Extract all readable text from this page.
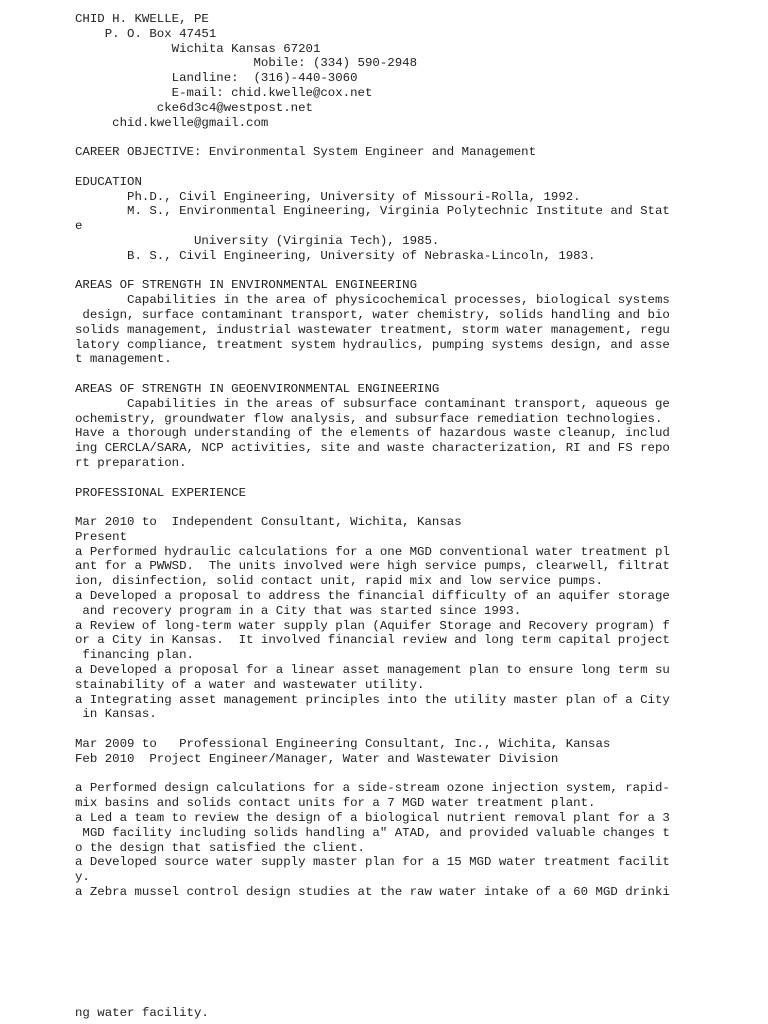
CHID H. KWELLE, PE
P. O. Box 47451
Wichita Kansas 67201
Mobile: (334) 590-2948
Landline:  (316)-440-3060
E-mail: chid.kwelle@cox.net
cke6d3c4@westpost.net
chid.kwelle@gmail.com
CAREER OBJECTIVE: Environmental System Engineer and Management
EDUCATION
Ph.D., Civil Engineering, University of Missouri-Rolla, 1992.
M. S., Environmental Engineering, Virginia Polytechnic Institute and Stat
e
University (Virginia Tech), 1985.
B. S., Civil Engineering, University of Nebraska-Lincoln, 1983.
AREAS OF STRENGTH IN ENVIRONMENTAL ENGINEERING
Capabilities in the area of physicochemical processes, biological systems
design, surface contaminant transport, water chemistry, solids handling and bio
solids management, industrial wastewater treatment, storm water management, regu
latory compliance, treatment system hydraulics, pumping systems design, and asse
t management.
AREAS OF STRENGTH IN GEOENVIRONMENTAL ENGINEERING
Capabilities in the areas of subsurface contaminant transport, aqueous ge
ochemistry, groundwater flow analysis, and subsurface remediation technologies.
Have a thorough understanding of the elements of hazardous waste cleanup, includ
ing CERCLA/SARA, NCP activities, site and waste characterization, RI and FS repo
rt preparation.
PROFESSIONAL EXPERIENCE
Mar 2010 to  Independent Consultant, Wichita, Kansas
Present
a Performed hydraulic calculations for a one MGD conventional water treatment pl
ant for a PWWSD.  The units involved were high service pumps, clearwell, filtrat
ion, disinfection, solid contact unit, rapid mix and low service pumps.
a Developed a proposal to address the financial difficulty of an aquifer storage
and recovery program in a City that was started since 1993.
a Review of long-term water supply plan (Aquifer Storage and Recovery program) f
or a City in Kansas.  It involved financial review and long term capital project
financing plan.
a Developed a proposal for a linear asset management plan to ensure long term su
stainability of a water and wastewater utility.
a Integrating asset management principles into the utility master plan of a City
in Kansas.
Mar 2009 to   Professional Engineering Consultant, Inc., Wichita, Kansas
Feb 2010  Project Engineer/Manager, Water and Wastewater Division
a Performed design calculations for a side-stream ozone injection system, rapid-
mix basins and solids contact units for a 7 MGD water treatment plant.
a Led a team to review the design of a biological nutrient removal plant for a 3
MGD facility including solids handling a" ATAD, and provided valuable changes t
o the design that satisfied the client.
a Developed source water supply master plan for a 15 MGD water treatment facilit
y.
a Zebra mussel control design studies at the raw water intake of a 60 MGD drinki
ng water facility.
